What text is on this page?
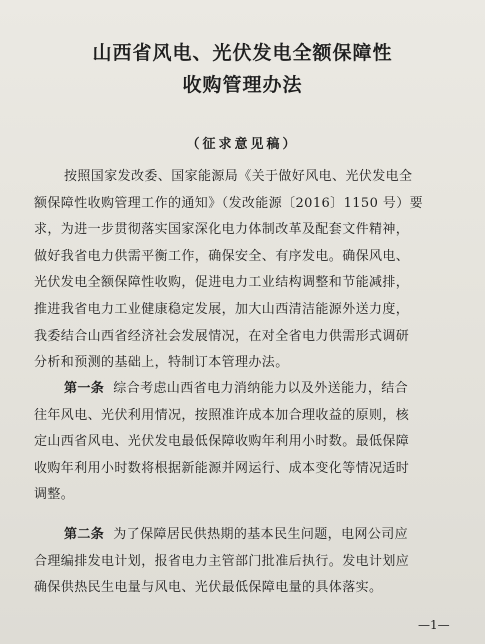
山西省风电、光伏发电全额保障性
收购管理办法
（征求意见稿）
按照国家发改委、国家能源局《关于做好风电、光伏发电全
额保障性收购管理工作的通知》（发改能源〔2016〕1150 号）要
求，为进一步贯彻落实国家深化电力体制改革及配套文件精神，
做好我省电力供需平衡工作，确保安全、有序发电。确保风电、
光伏发电全额保障性收购，促进电力工业结构调整和节能减排，
推进我省电力工业健康稳定发展，加大山西清洁能源外送力度，
我委结合山西省经济社会发展情况，在对全省电力供需形式调研
分析和预测的基础上，特制订本管理办法。
第一条 综合考虑山西省电力消纳能力以及外送能力，结合
往年风电、光伏利用情况，按照准许成本加合理收益的原则，核
定山西省风电、光伏发电最低保障收购年利用小时数。最低保障
收购年利用小时数将根据新能源并网运行、成本变化等情况适时
调整。
第二条 为了保障居民供热期的基本民生问题，电网公司应
合理编排发电计划，报省电力主管部门批准后执行。发电计划应
确保供热民生电量与风电、光伏最低保障电量的具体落实。
—1—
